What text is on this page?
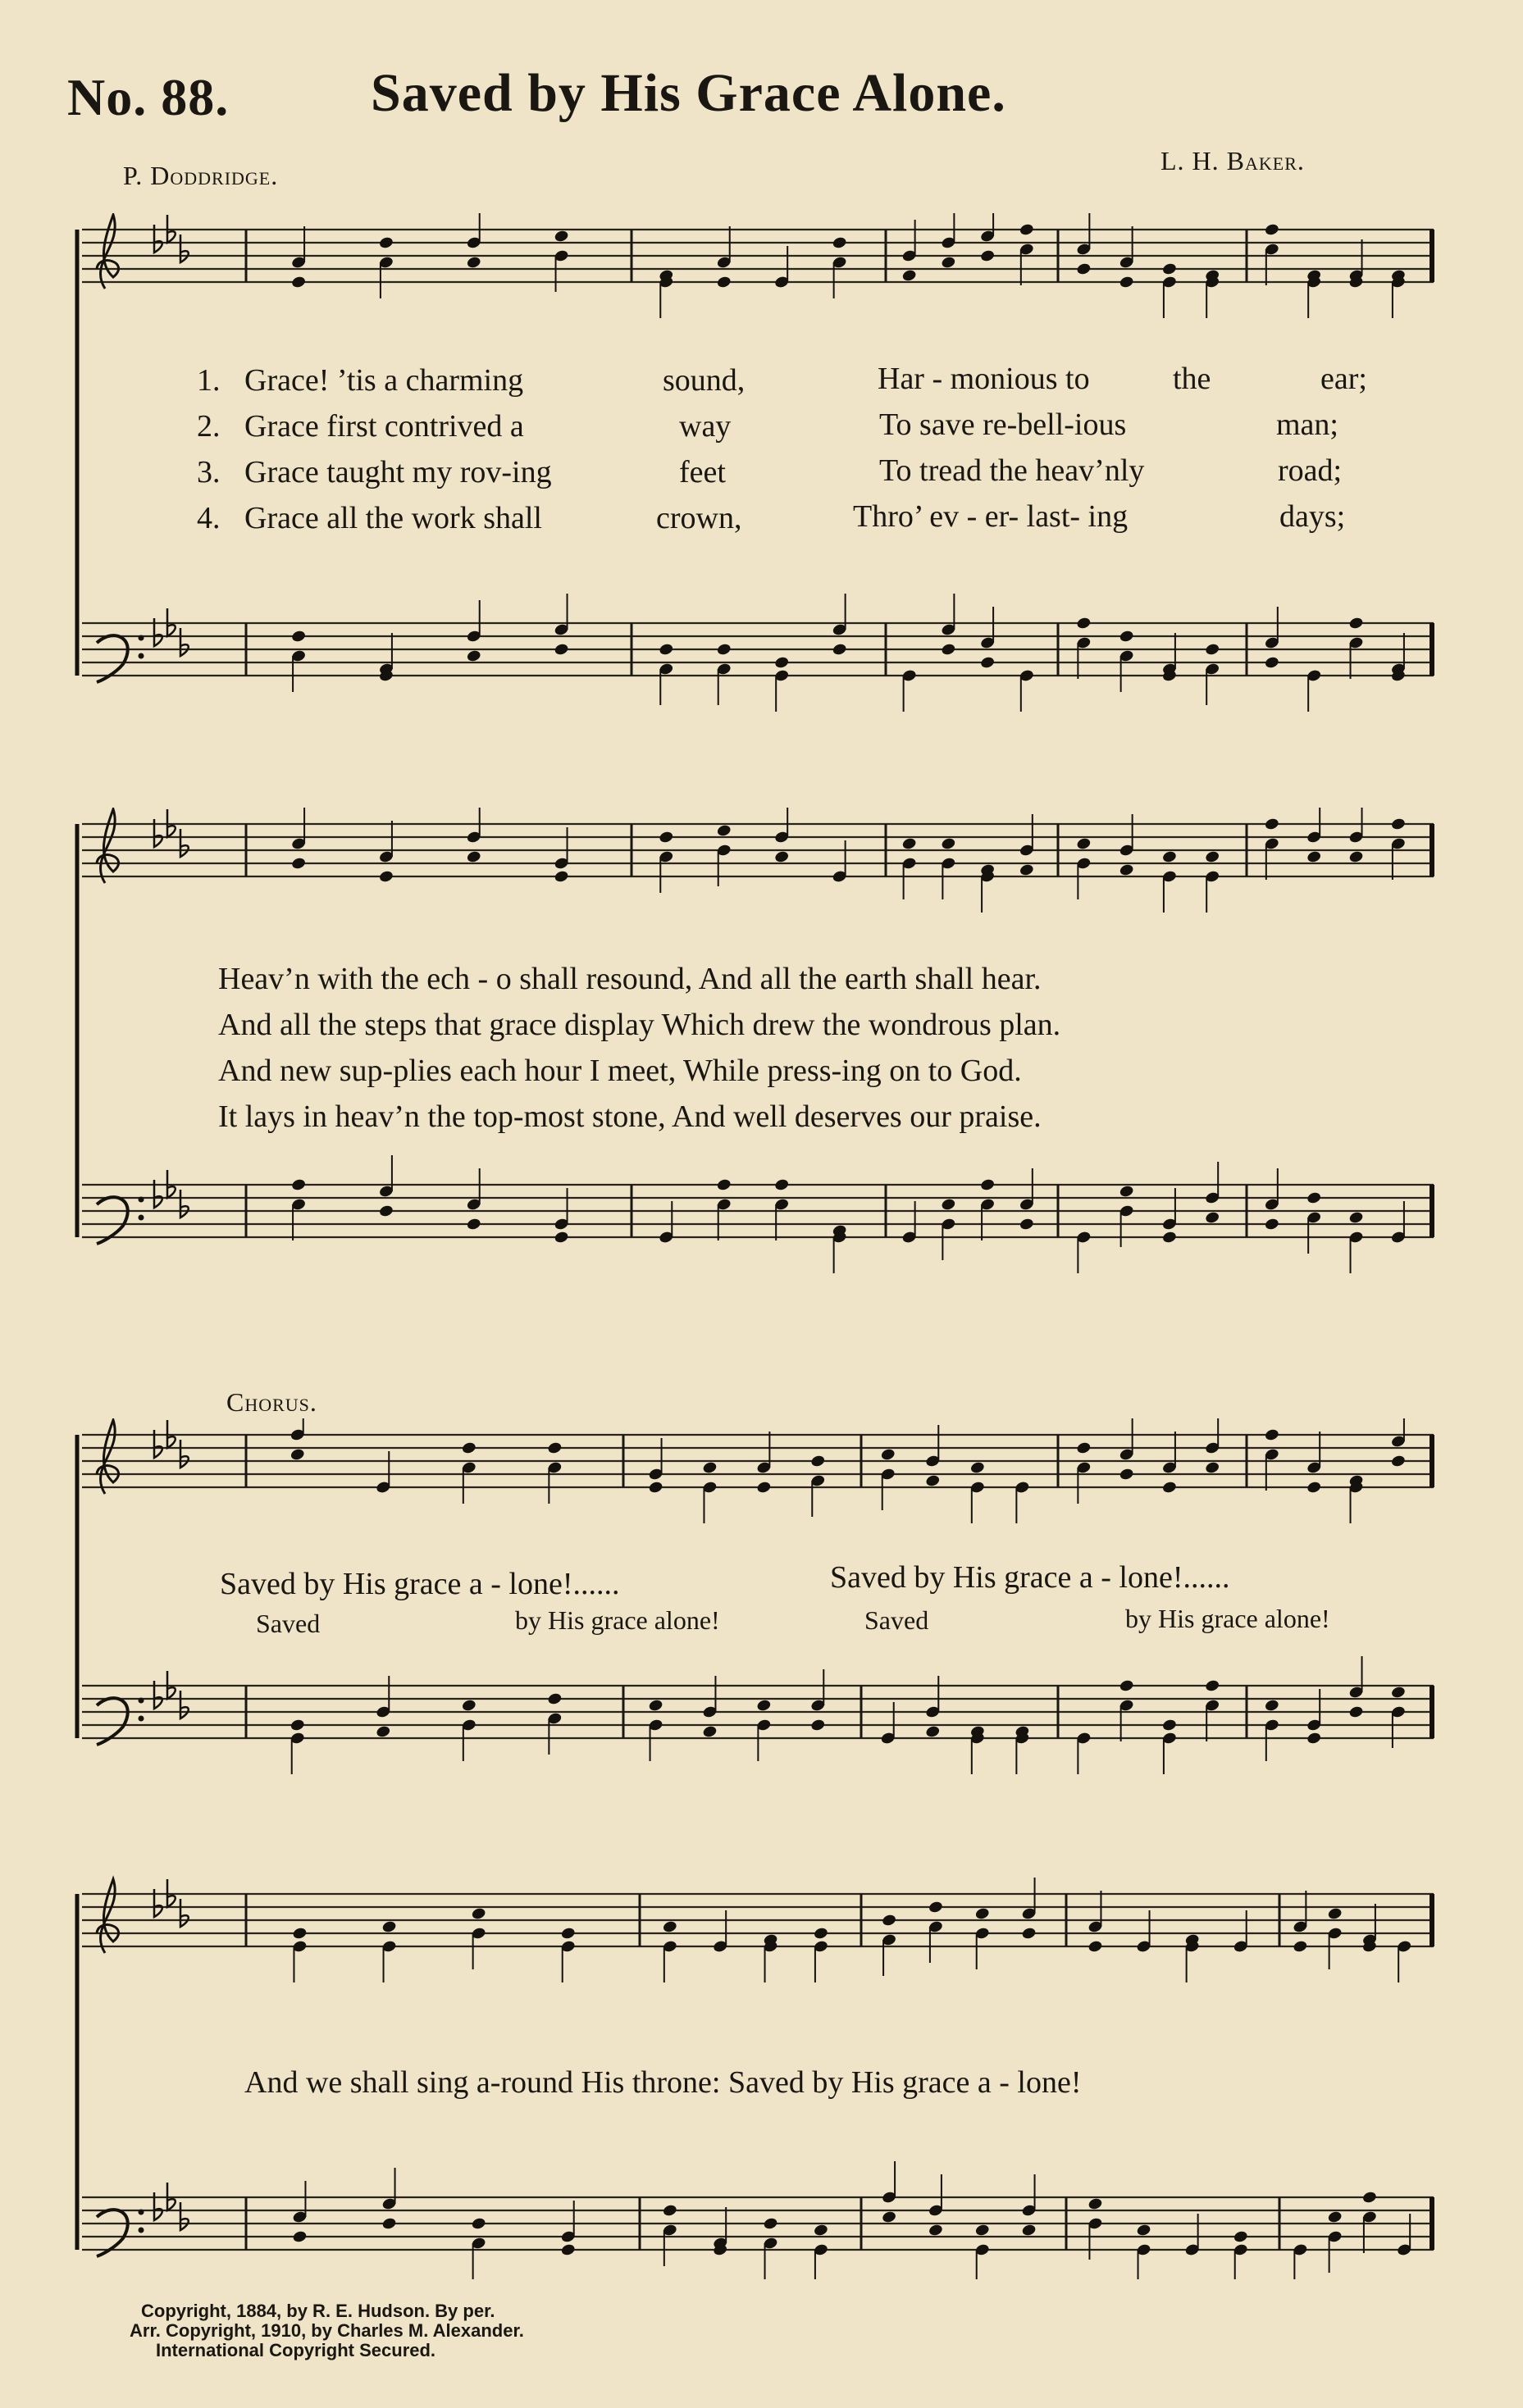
No. 88.	Saved by His Grace Alone.
P. Doddridge.	L. H. Baker.
1. Grace! ’tis a charming	sound,	Har - monious to	the	ear;
2. Grace first contrived a	way	To save re-bell-ious	man;
3. Grace taught my rov-ing	feet	To tread the heav’nly	road;
4. Grace all the work shall	crown,	Thro’ ev - er- last- ing	days;
Heav’n with the ech - o shall resound, And all the earth shall hear.
And all the steps that grace display Which drew the wondrous plan.
And new sup-plies each hour I meet, While press-ing on to God.
It lays in heav’n the top-most stone, And well deserves our praise.
Chorus.
Saved by His grace a - lone!......	Saved by His grace a - lone!......
Saved	by His grace alone!	Saved	by His grace alone!
And we shall sing a-round His throne: Saved by His grace a - lone!
Copyright, 1884, by R. E. Hudson. By per.
Arr. Copyright, 1910, by Charles M. Alexander.
International Copyright Secured.
